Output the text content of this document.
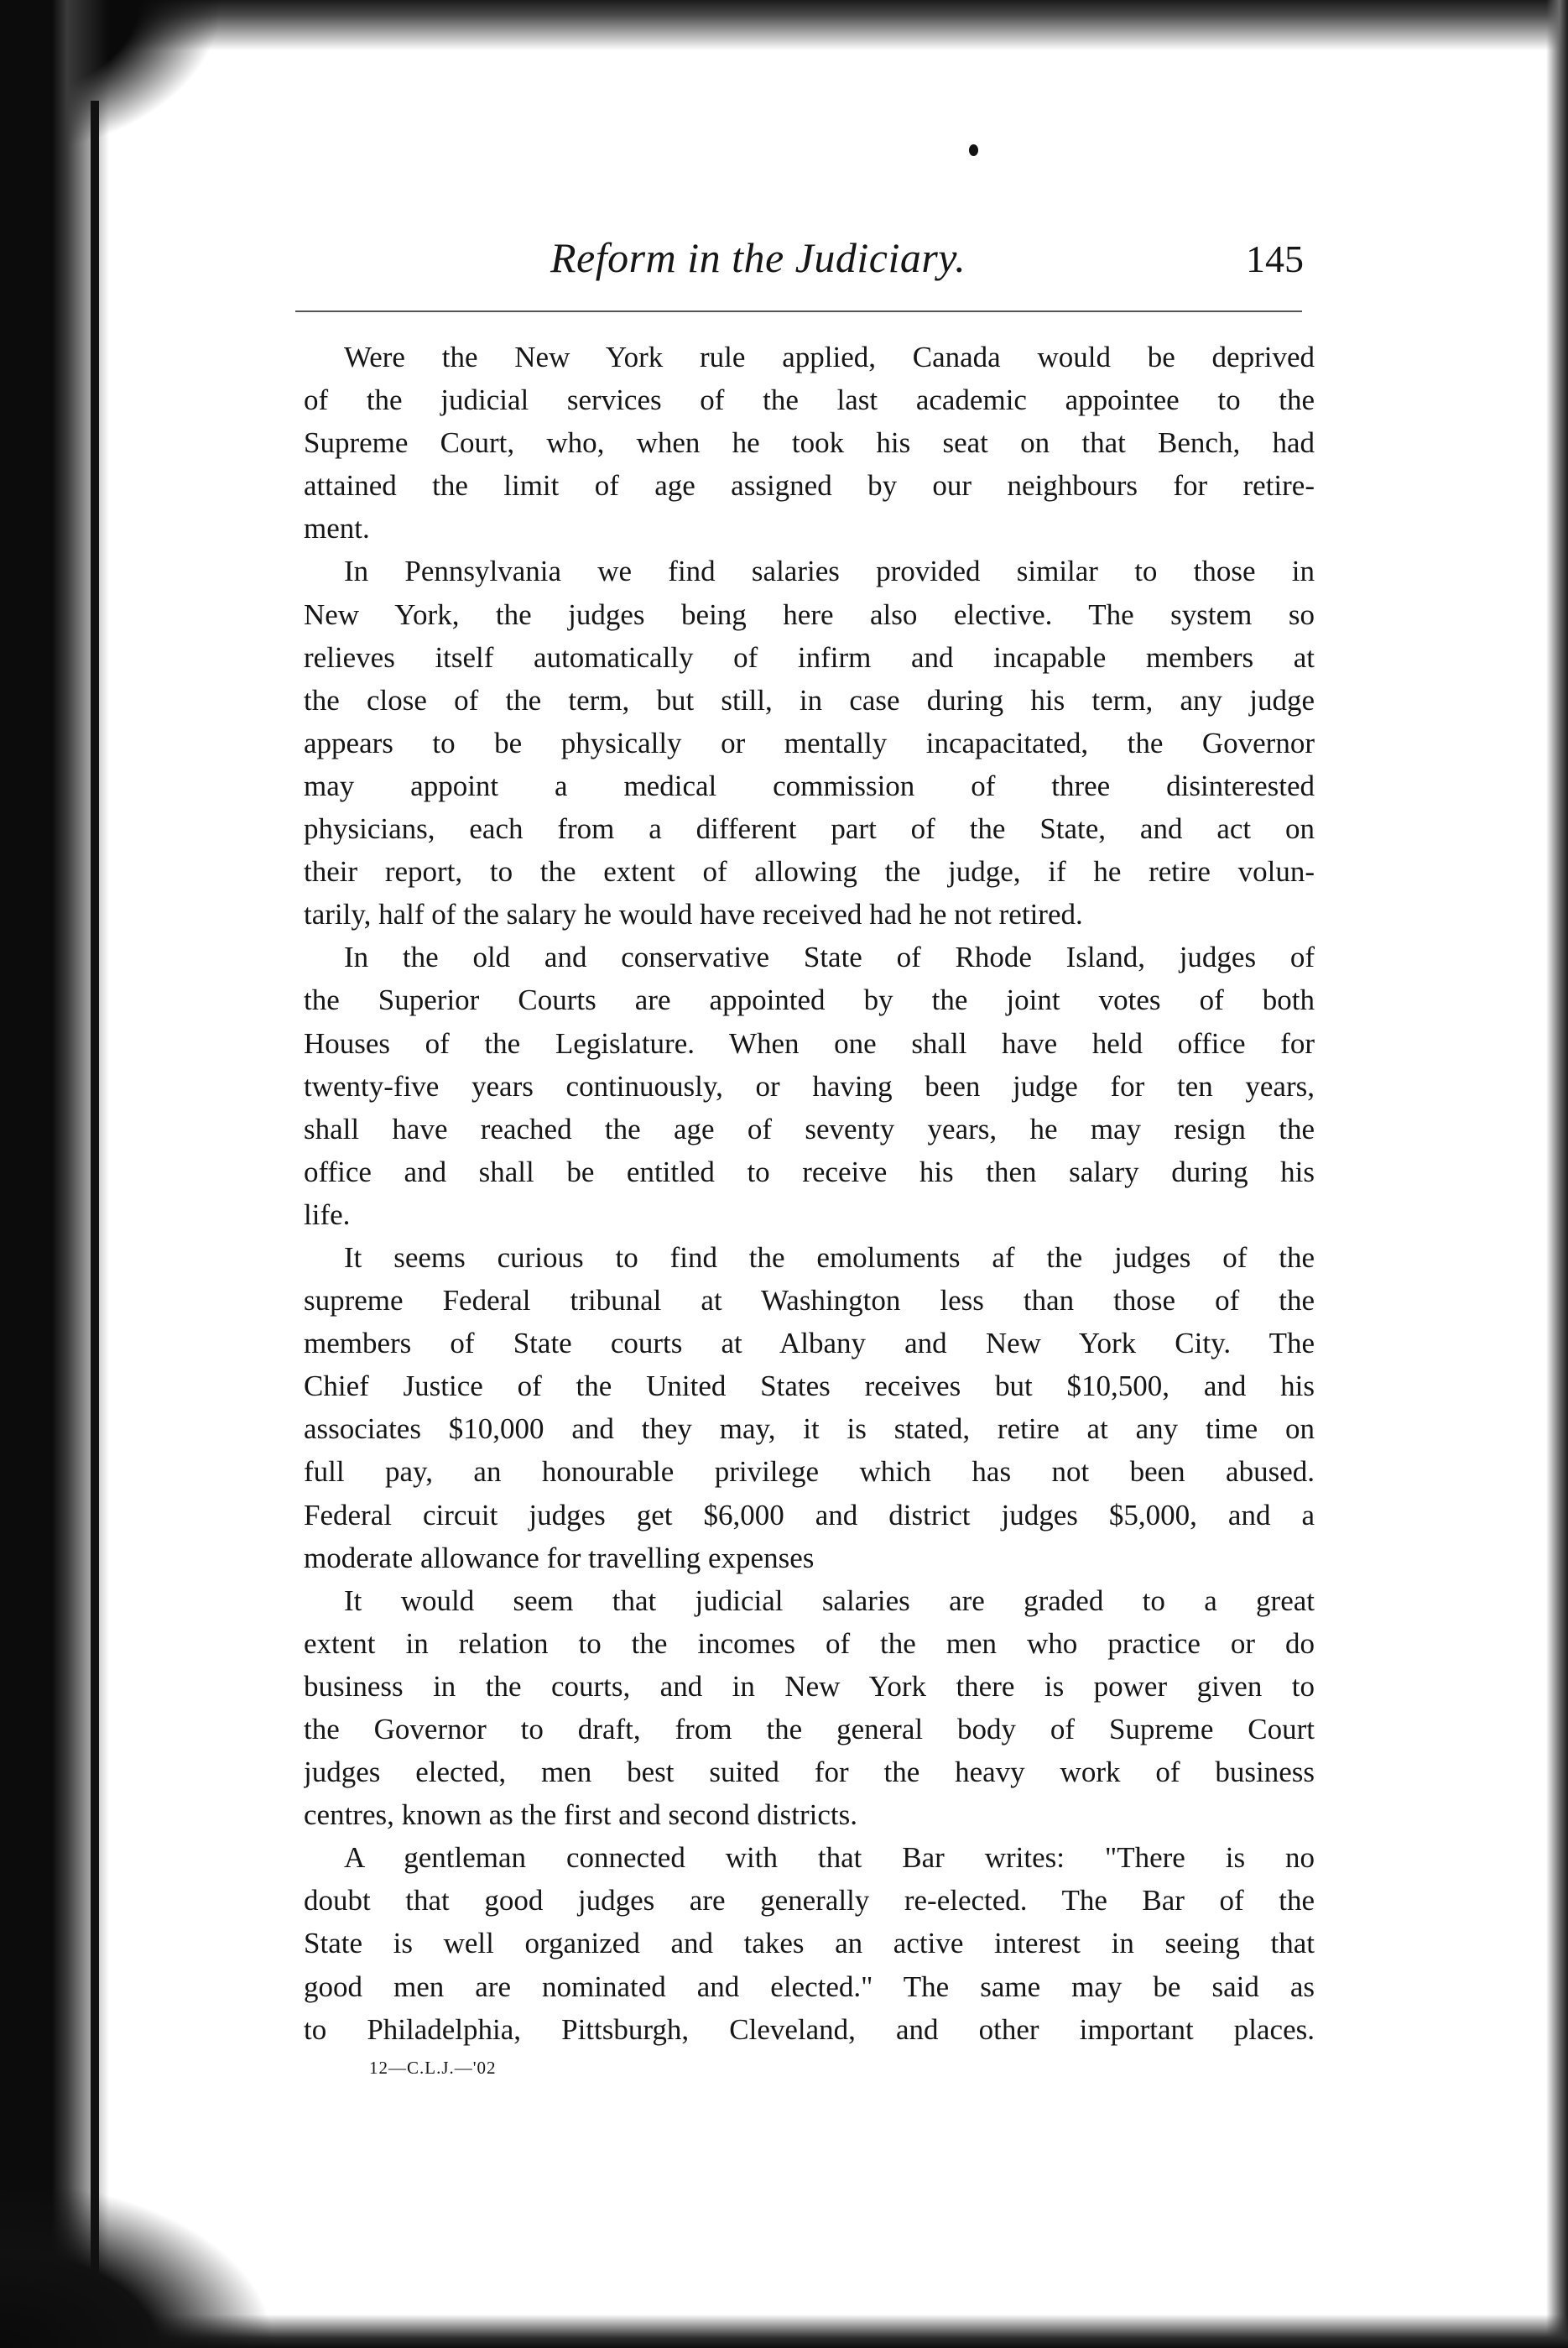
Reform in the Judiciary.	145
Were the New York rule applied, Canada would be deprived
of the judicial services of the last academic appointee to the
Supreme Court, who, when he took his seat on that Bench, had
attained the limit of age assigned by our neighbours for retire-
ment.
In Pennsylvania we find salaries provided similar to those in
New York, the judges being here also elective. The system so
relieves itself automatically of infirm and incapable members at
the close of the term, but still, in case during his term, any judge
appears to be physically or mentally incapacitated, the Governor
may appoint a medical commission of three disinterested
physicians, each from a different part of the State, and act on
their report, to the extent of allowing the judge, if he retire volun-
tarily, half of the salary he would have received had he not retired.
In the old and conservative State of Rhode Island, judges of
the Superior Courts are appointed by the joint votes of both
Houses of the Legislature. When one shall have held office for
twenty-five years continuously, or having been judge for ten years,
shall have reached the age of seventy years, he may resign the
office and shall be entitled to receive his then salary during his
life.
It seems curious to find the emoluments af the judges of the
supreme Federal tribunal at Washington less than those of the
members of State courts at Albany and New York City. The
Chief Justice of the United States receives but $10,500, and his
associates $10,000 and they may, it is stated, retire at any time on
full pay, an honourable privilege which has not been abused.
Federal circuit judges get $6,000 and district judges $5,000, and a
moderate allowance for travelling expenses
It would seem that judicial salaries are graded to a great
extent in relation to the incomes of the men who practice or do
business in the courts, and in New York there is power given to
the Governor to draft, from the general body of Supreme Court
judges elected, men best suited for the heavy work of business
centres, known as the first and second districts.
A gentleman connected with that Bar writes: "There is no
doubt that good judges are generally re-elected. The Bar of the
State is well organized and takes an active interest in seeing that
good men are nominated and elected." The same may be said as
to Philadelphia, Pittsburgh, Cleveland, and other important places.
12—C.L.J.—'02
